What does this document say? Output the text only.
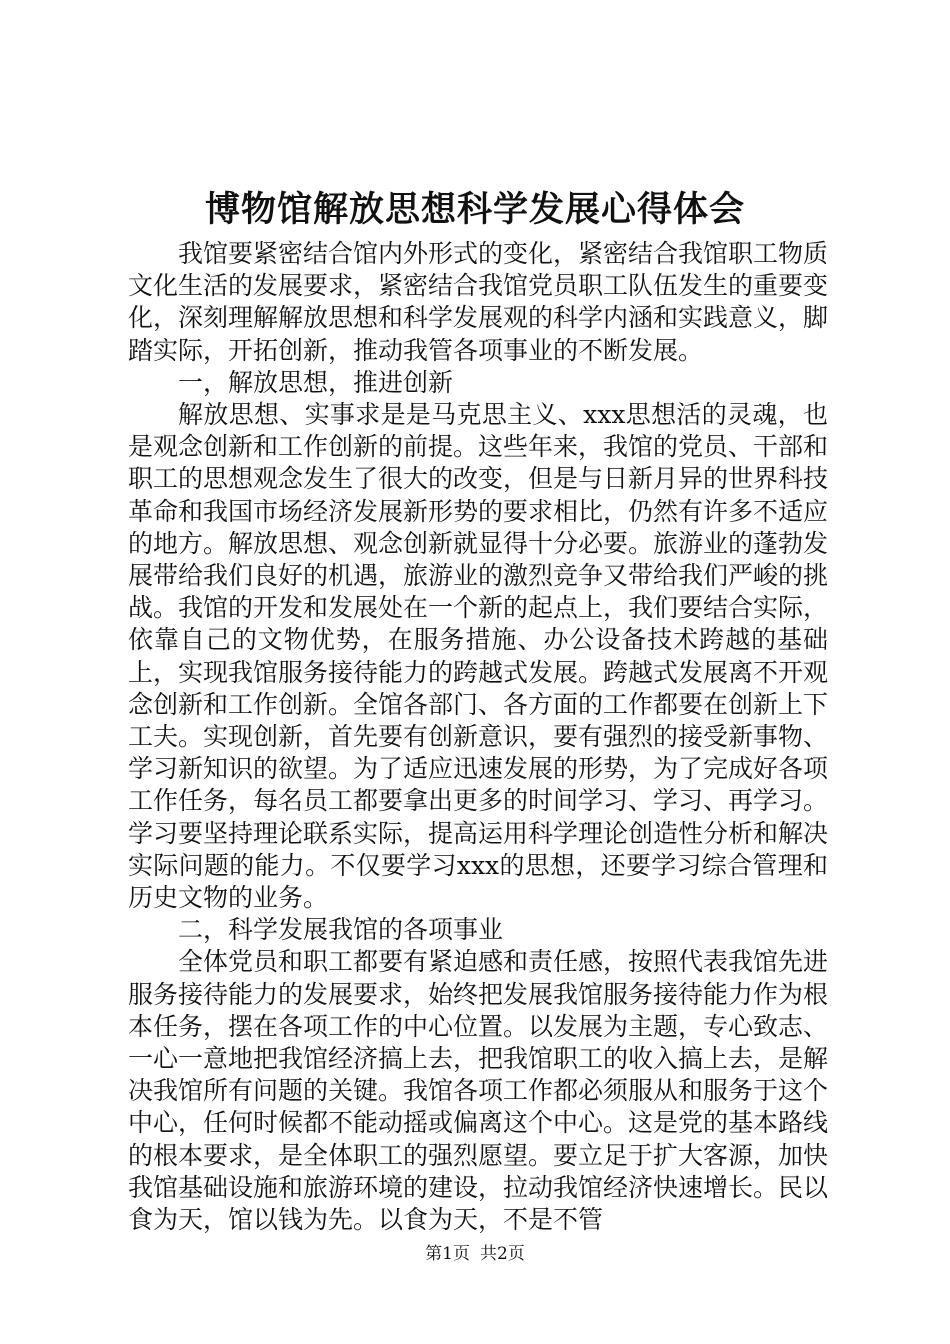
博物馆解放思想科学发展心得体会

我馆要紧密结合馆内外形式的变化，紧密结合我馆职工物质文化生活的发展要求，紧密结合我馆党员职工队伍发生的重要变化，深刻理解解放思想和科学发展观的科学内涵和实践意义，脚踏实际，开拓创新，推动我管各项事业的不断发展。

一，解放思想，推进创新

解放思想、实事求是是马克思主义、xxx思想活的灵魂，也是观念创新和工作创新的前提。这些年来，我馆的党员、干部和职工的思想观念发生了很大的改变，但是与日新月异的世界科技革命和我国市场经济发展新形势的要求相比，仍然有许多不适应的地方。解放思想、观念创新就显得十分必要。旅游业的蓬勃发展带给我们良好的机遇，旅游业的激烈竞争又带给我们严峻的挑战。我馆的开发和发展处在一个新的起点上，我们要结合实际，依靠自己的文物优势，在服务措施、办公设备技术跨越的基础上，实现我馆服务接待能力的跨越式发展。跨越式发展离不开观念创新和工作创新。全馆各部门、各方面的工作都要在创新上下工夫。实现创新，首先要有创新意识，要有强烈的接受新事物、学习新知识的欲望。为了适应迅速发展的形势，为了完成好各项工作任务，每名员工都要拿出更多的时间学习、学习、再学习。学习要坚持理论联系实际，提高运用科学理论创造性分析和解决实际问题的能力。不仅要学习xxx的思想，还要学习综合管理和历史文物的业务。

二，科学发展我馆的各项事业

全体党员和职工都要有紧迫感和责任感，按照代表我馆先进服务接待能力的发展要求，始终把发展我馆服务接待能力作为根本任务，摆在各项工作的中心位置。以发展为主题，专心致志、一心一意地把我馆经济搞上去，把我馆职工的收入搞上去，是解决我馆所有问题的关键。我馆各项工作都必须服从和服务于这个中心，任何时候都不能动摇或偏离这个中心。这是党的基本路线的根本要求，是全体职工的强烈愿望。要立足于扩大客源，加快我馆基础设施和旅游环境的建设，拉动我馆经济快速增长。民以食为天，馆以钱为先。以食为天，不是不管

第1页 共2页
